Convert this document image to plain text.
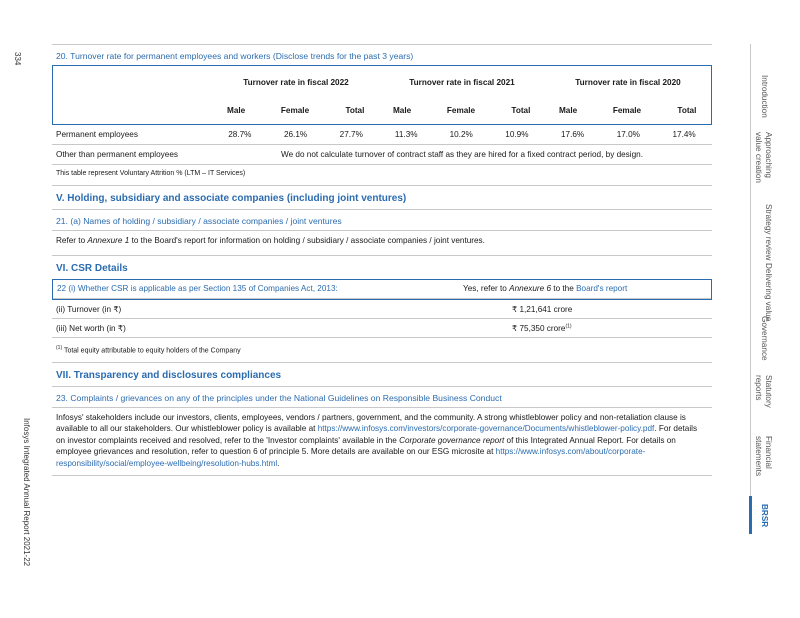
334
Infosys Integrated Annual Report 2021-22
20. Turnover rate for permanent employees and workers (Disclose trends for the past 3 years)
	Turnover rate in fiscal 2022			Turnover rate in fiscal 2021			Turnover rate in fiscal 2020		
	Male	Female	Total	Male	Female	Total	Male	Female	Total
Permanent employees	28.7%	26.1%	27.7%	11.3%	10.2%	10.9%	17.6%	17.0%	17.4%
Other than permanent employees	We do not calculate turnover of contract staff as they are hired for a fixed contract period, by design.								
This table represent Voluntary Attrition % (LTM – IT Services)
V. Holding, subsidiary and associate companies (including joint ventures)
21. (a) Names of holding / subsidiary / associate companies / joint ventures
Refer to Annexure 1 to the Board's report for information on holding / subsidiary / associate companies / joint ventures.
VI. CSR Details
22 (i) Whether CSR is applicable as per Section 135 of Companies Act, 2013:	Yes, refer to Annexure 6 to the Board's report
(ii) Turnover (in ₹)	₹ 1,21,641 crore
(iii) Net worth (in ₹)	₹ 75,350 crore$^{(1)}$
$^{(1)}$ Total equity attributable to equity holders of the Company
VII. Transparency and disclosures compliances
23. Complaints / grievances on any of the principles under the National Guidelines on Responsible Business Conduct
Infosys' stakeholders include our investors, clients, employees, vendors / partners, government, and the community. A strong whistleblower policy and non-retaliation clause is available to all our stakeholders. Our whistleblower policy is available at https://www.infosys.com/investors/corporate-governance/Documents/whistleblower-policy.pdf. For details on investor complaints received and resolved, refer to the 'Investor complaints' available in the Corporate governance report of this Integrated Annual Report. For details on employee grievances and resolution, refer to question 6 of principle 5. More details are available on our ESG microsite at https://www.infosys.com/about/corporate-responsibility/social/employee-wellbeing/resolution-hubs.html.
Introduction
Approaching value creation
Strategy review
Delivering value
Governance
Statutory reports
Financial statements
BRSR
